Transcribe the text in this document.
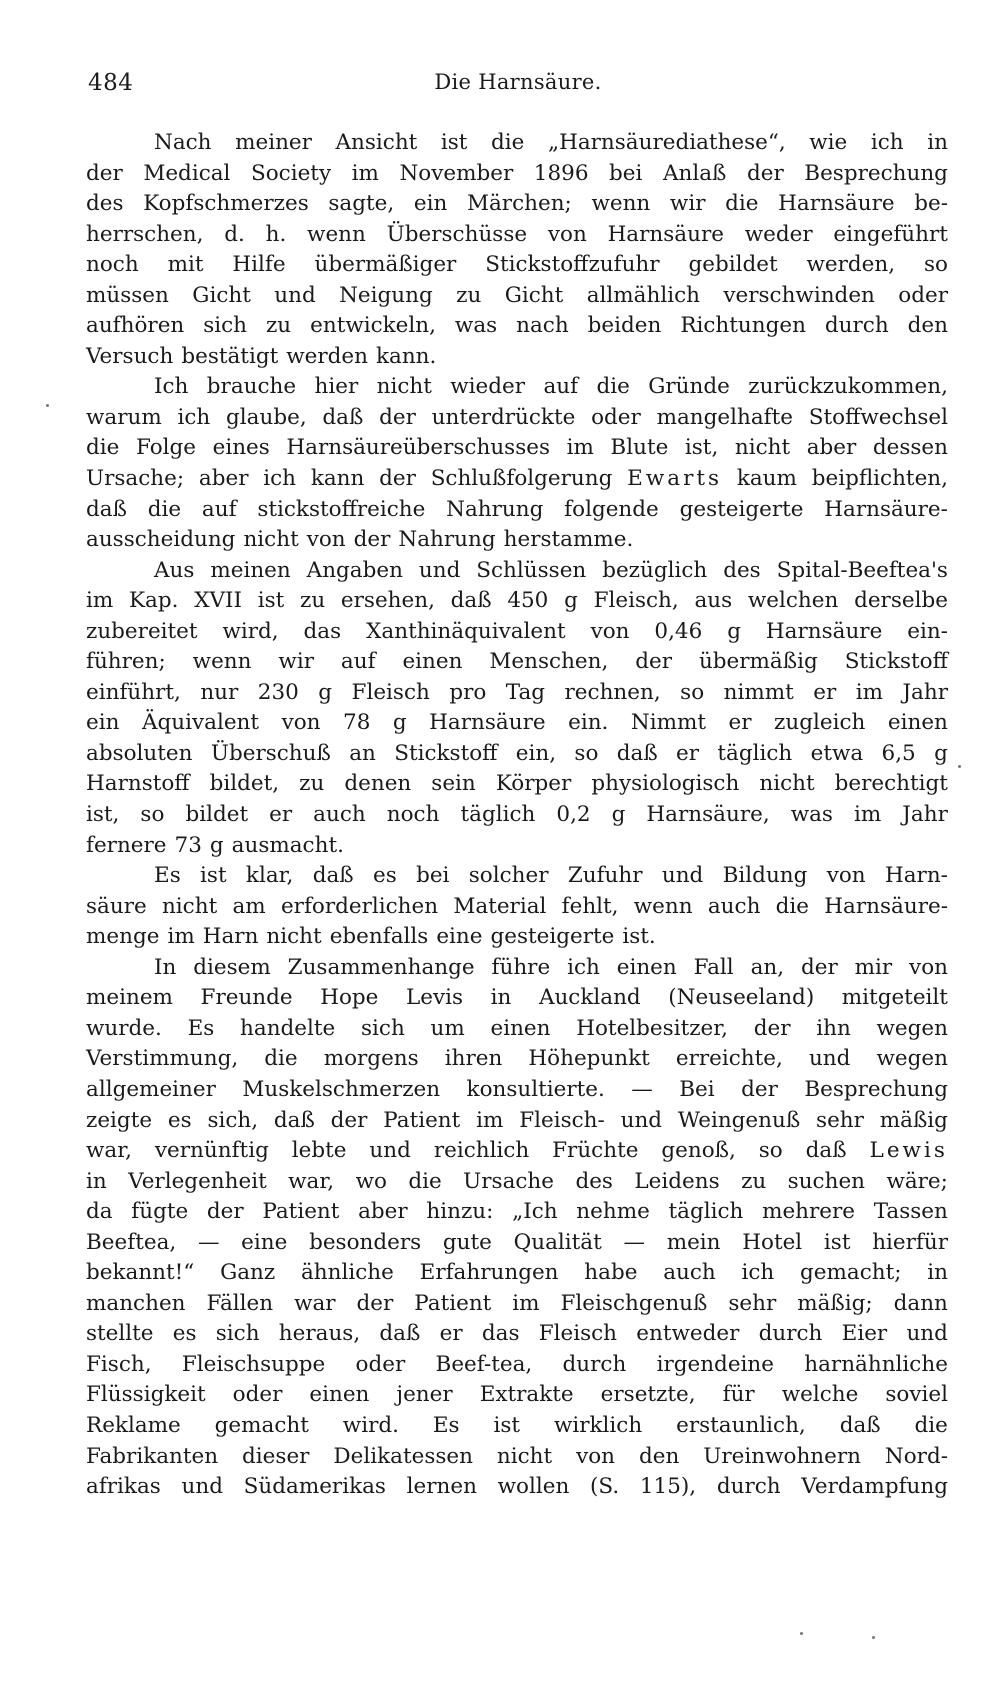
484	Die Harnsäure.
Nach meiner Ansicht ist die „Harnsäurediathese“, wie ich in
der Medical Society im November 1896 bei Anlaß der Besprechung
des Kopfschmerzes sagte, ein Märchen; wenn wir die Harnsäure be-
herrschen, d. h. wenn Überschüsse von Harnsäure weder eingeführt
noch mit Hilfe übermäßiger Stickstoffzufuhr gebildet werden, so
müssen Gicht und Neigung zu Gicht allmählich verschwinden oder
aufhören sich zu entwickeln, was nach beiden Richtungen durch den
Versuch bestätigt werden kann.
Ich brauche hier nicht wieder auf die Gründe zurückzukommen,
warum ich glaube, daß der unterdrückte oder mangelhafte Stoffwechsel
die Folge eines Harnsäureüberschusses im Blute ist, nicht aber dessen
Ursache; aber ich kann der Schlußfolgerung Ewarts kaum beipflichten,
daß die auf stickstoffreiche Nahrung folgende gesteigerte Harnsäure-
ausscheidung nicht von der Nahrung herstamme.
Aus meinen Angaben und Schlüssen bezüglich des Spital-Beeftea's
im Kap. XVII ist zu ersehen, daß 450 g Fleisch, aus welchen derselbe
zubereitet wird, das Xanthinäquivalent von 0,46 g Harnsäure ein-
führen; wenn wir auf einen Menschen, der übermäßig Stickstoff
einführt, nur 230 g Fleisch pro Tag rechnen, so nimmt er im Jahr
ein Äquivalent von 78 g Harnsäure ein. Nimmt er zugleich einen
absoluten Überschuß an Stickstoff ein, so daß er täglich etwa 6,5 g
Harnstoff bildet, zu denen sein Körper physiologisch nicht berechtigt
ist, so bildet er auch noch täglich 0,2 g Harnsäure, was im Jahr
fernere 73 g ausmacht.
Es ist klar, daß es bei solcher Zufuhr und Bildung von Harn-
säure nicht am erforderlichen Material fehlt, wenn auch die Harnsäure-
menge im Harn nicht ebenfalls eine gesteigerte ist.
In diesem Zusammenhange führe ich einen Fall an, der mir von
meinem Freunde Hope Levis in Auckland (Neuseeland) mitgeteilt
wurde. Es handelte sich um einen Hotelbesitzer, der ihn wegen
Verstimmung, die morgens ihren Höhepunkt erreichte, und wegen
allgemeiner Muskelschmerzen konsultierte. — Bei der Besprechung
zeigte es sich, daß der Patient im Fleisch- und Weingenuß sehr mäßig
war, vernünftig lebte und reichlich Früchte genoß, so daß Lewis
in Verlegenheit war, wo die Ursache des Leidens zu suchen wäre;
da fügte der Patient aber hinzu: „Ich nehme täglich mehrere Tassen
Beeftea, — eine besonders gute Qualität — mein Hotel ist hierfür
bekannt!“ Ganz ähnliche Erfahrungen habe auch ich gemacht; in
manchen Fällen war der Patient im Fleischgenuß sehr mäßig; dann
stellte es sich heraus, daß er das Fleisch entweder durch Eier und
Fisch, Fleischsuppe oder Beef-tea, durch irgendeine harnähnliche
Flüssigkeit oder einen jener Extrakte ersetzte, für welche soviel
Reklame gemacht wird. Es ist wirklich erstaunlich, daß die
Fabrikanten dieser Delikatessen nicht von den Ureinwohnern Nord-
afrikas und Südamerikas lernen wollen (S. 115), durch Verdampfung
